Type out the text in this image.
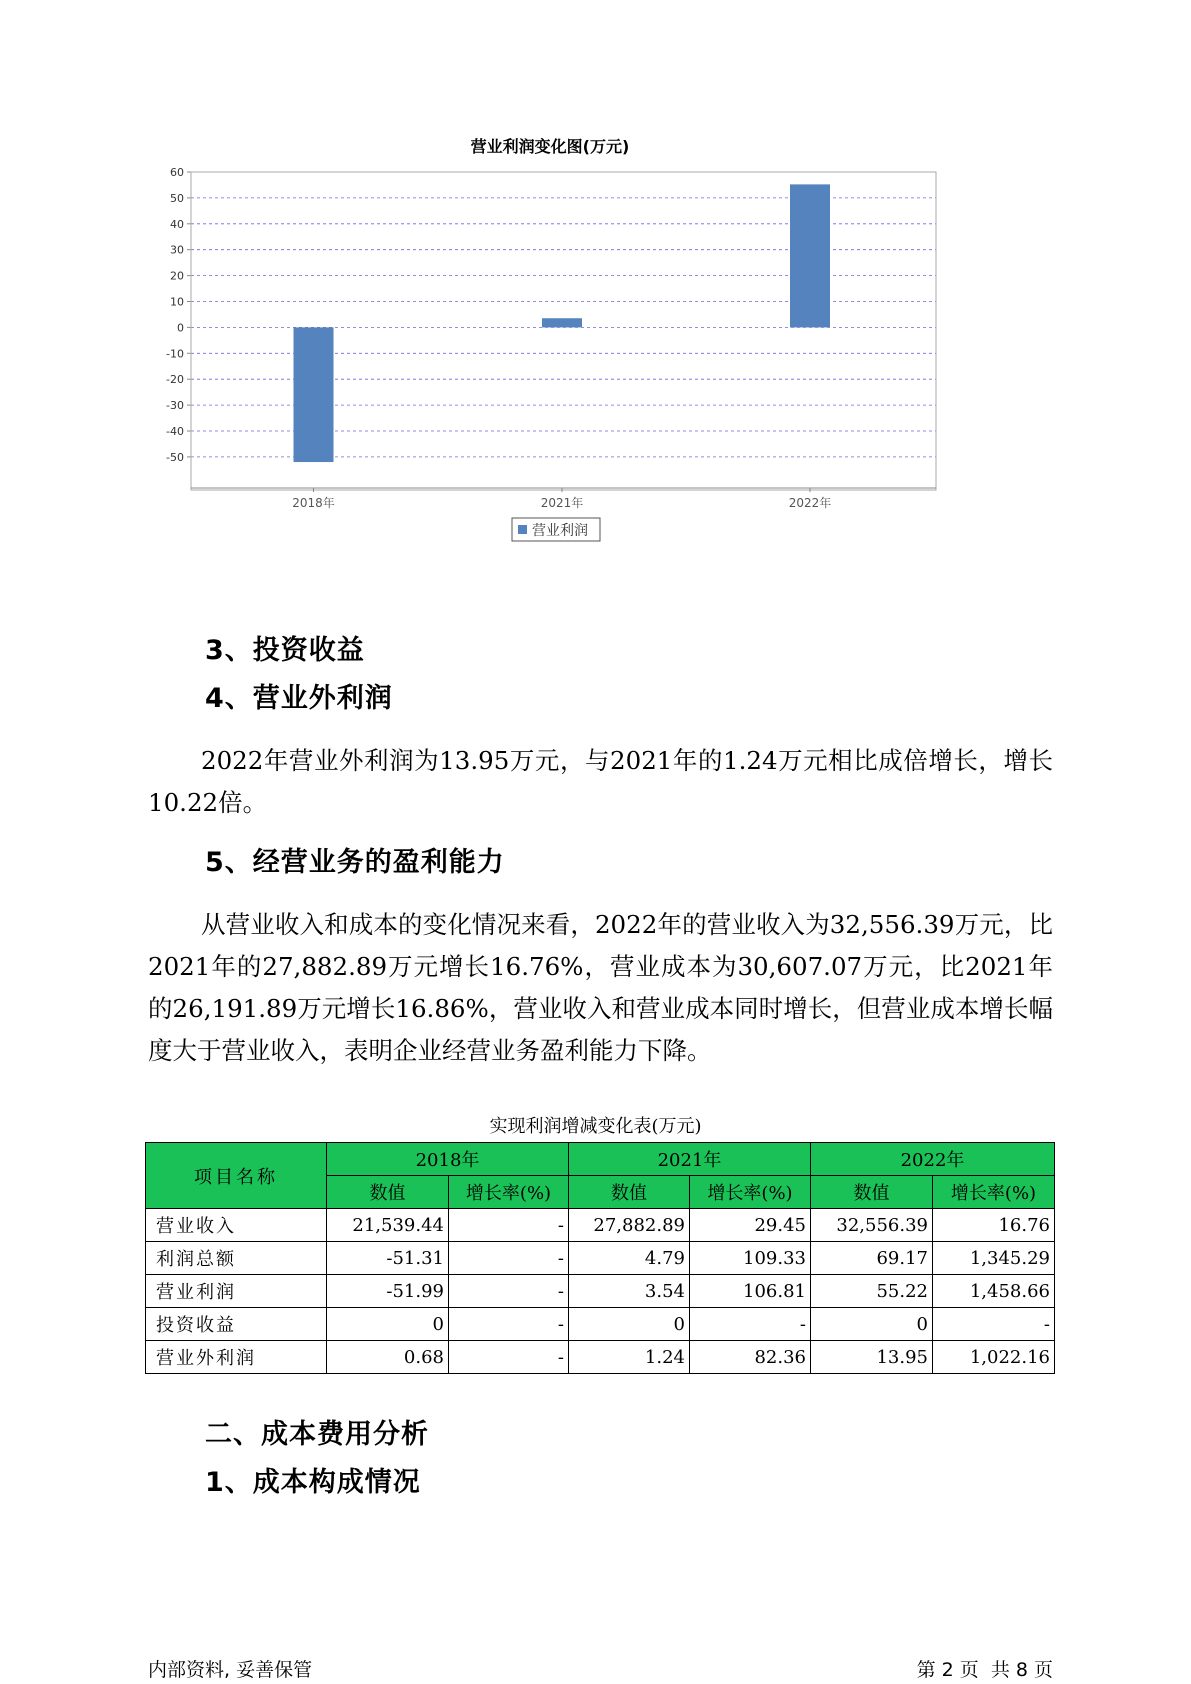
营业利润变化图(万元)
60
50
40
30
20
10
0
-10
-20
-30
-40
-50
2018年	2021年	2022年
营业利润
3、投资收益
4、营业外利润

2022年营业外利润为13.95万元，与2021年的1.24万元相比成倍增长，增长10.22倍。

5、经营业务的盈利能力

从营业收入和成本的变化情况来看，2022年的营业收入为32,556.39万元，比2021年的27,882.89万元增长16.76%，营业成本为30,607.07万元，比2021年的26,191.89万元增长16.86%，营业收入和营业成本同时增长，但营业成本增长幅度大于营业收入，表明企业经营业务盈利能力下降。

实现利润增减变化表(万元)
项目名称	2018年		2021年		2022年	
	数值	增长率(%)	数值	增长率(%)	数值	增长率(%)
营业收入	21,539.44	-	27,882.89	29.45	32,556.39	16.76
利润总额	-51.31	-	4.79	109.33	69.17	1,345.29
营业利润	-51.99	-	3.54	106.81	55.22	1,458.66
投资收益	0	-	0	-	0	-
营业外利润	0.68	-	1.24	82.36	13.95	1,022.16
二、成本费用分析
1、成本构成情况
内部资料, 妥善保管	第 2 页  共 8 页
